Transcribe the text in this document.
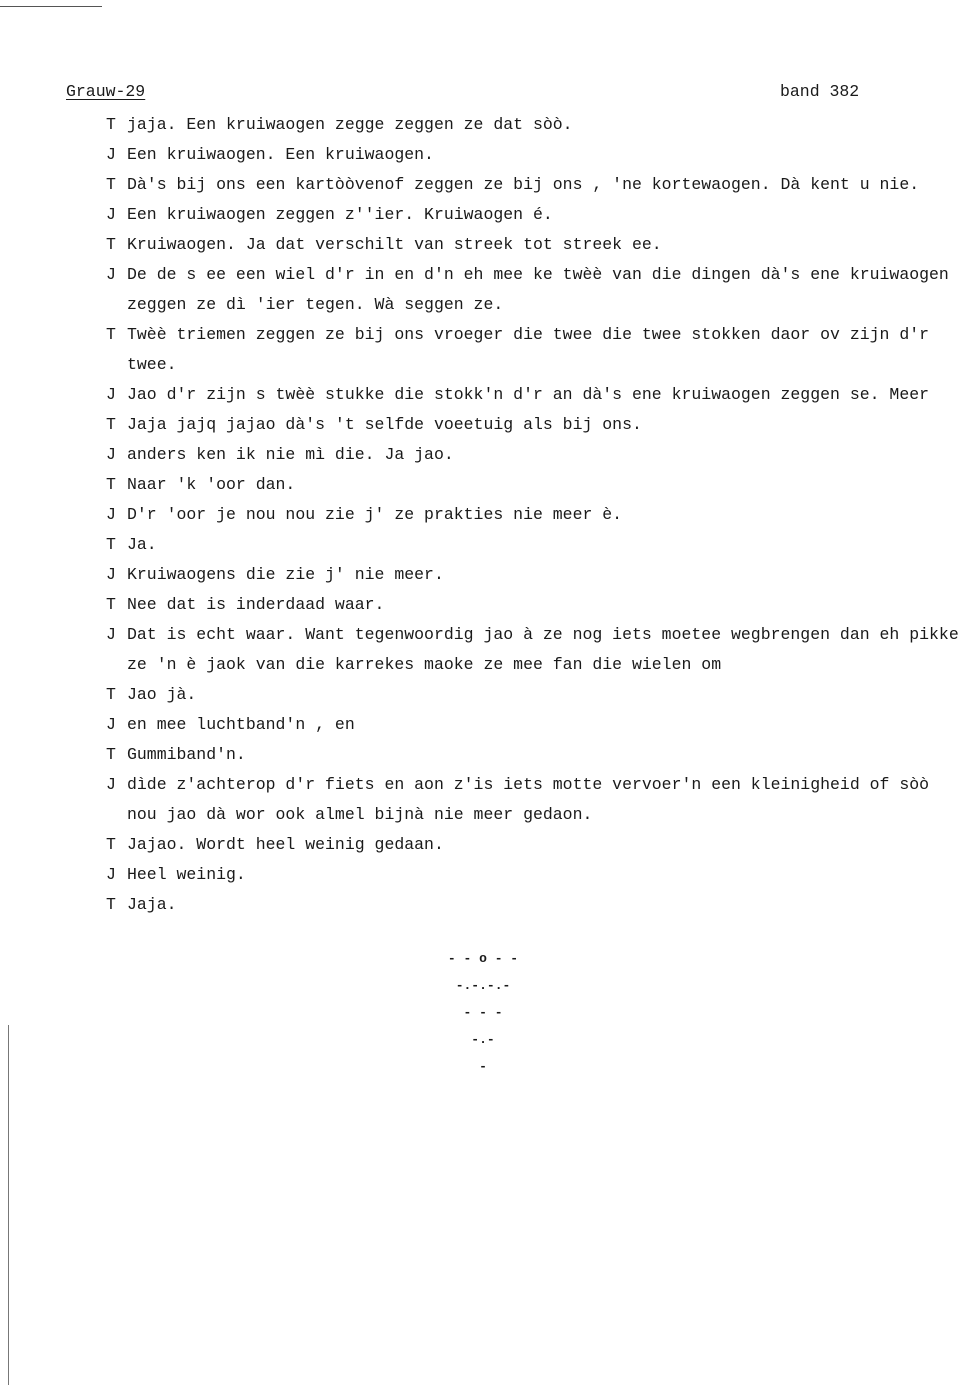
Grauw-29	band 382
T jaja. Een kruiwaogen zegge zeggen ze dat sòò.
J Een kruiwaogen. Een kruiwaogen.
T Dà's bij ons een kartòòvenof zeggen ze bij ons , 'ne kortewaogen. Dà kent u nie.
J Een kruiwaogen zeggen z''ier. Kruiwaogen é.
T Kruiwaogen. Ja dat verschilt van streek tot streek ee.
J De de s ee een wiel d'r in en d'n eh mee ke twèè van die dingen dà's ene kruiwaogen
zeggen ze dì 'ier tegen. Wà seggen ze.
T Twèè triemen zeggen ze bij ons vroeger die twee die twee stokken daor ov zijn d'r
twee.
J Jao d'r zijn s twèè stukke die stokk'n d'r an dà's ene kruiwaogen zeggen se. Meer
T Jaja jajq jajao dà's 't selfde voeetuig als bij ons.
J anders ken ik nie mì die. Ja jao.
T Naar 'k 'oor dan.
J D'r 'oor je nou nou zie j' ze prakties nie meer è.
T Ja.
J Kruiwaogens die zie j' nie meer.
T Nee dat is inderdaad waar.
J Dat is echt waar. Want tegenwoordig jao à ze nog iets moetee wegbrengen dan eh pikke
ze 'n è jaok van die karrekes maoke ze mee fan die wielen om
T Jao jà.
J en mee luchtband'n , en
T Gummiband'n.
J dìde z'achterop d'r fiets en aon z'is iets motte vervoer'n een kleinigheid of sòò
nou jao dà wor ook almel bijnà nie meer gedaon.
T Jajao. Wordt heel weinig gedaan.
J Heel weinig.
T Jaja.

- - o - -

-.-.-.-

- - -

-.-

-
